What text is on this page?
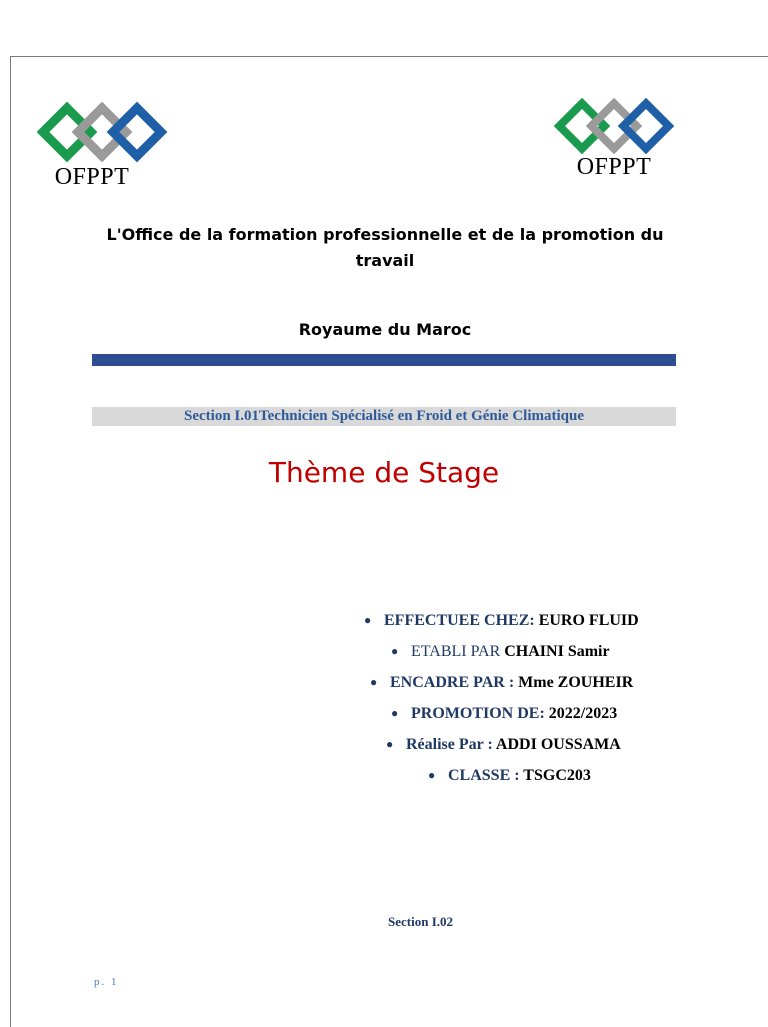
OFPPT	OFPPT
L'Office de la formation professionnelle et de la promotion du travail
Royaume du Maroc
Section I.01Technicien Spécialisé en Froid et Génie Climatique
Thème de Stage
● EFFECTUEE CHEZ: EURO FLUID
● ETABLI PAR CHAINI Samir
● ENCADRE PAR : Mme ZOUHEIR
● PROMOTION DE: 2022/2023
● Réalise Par : ADDI OUSSAMA
● CLASSE : TSGC203
Section I.02
p. 1
